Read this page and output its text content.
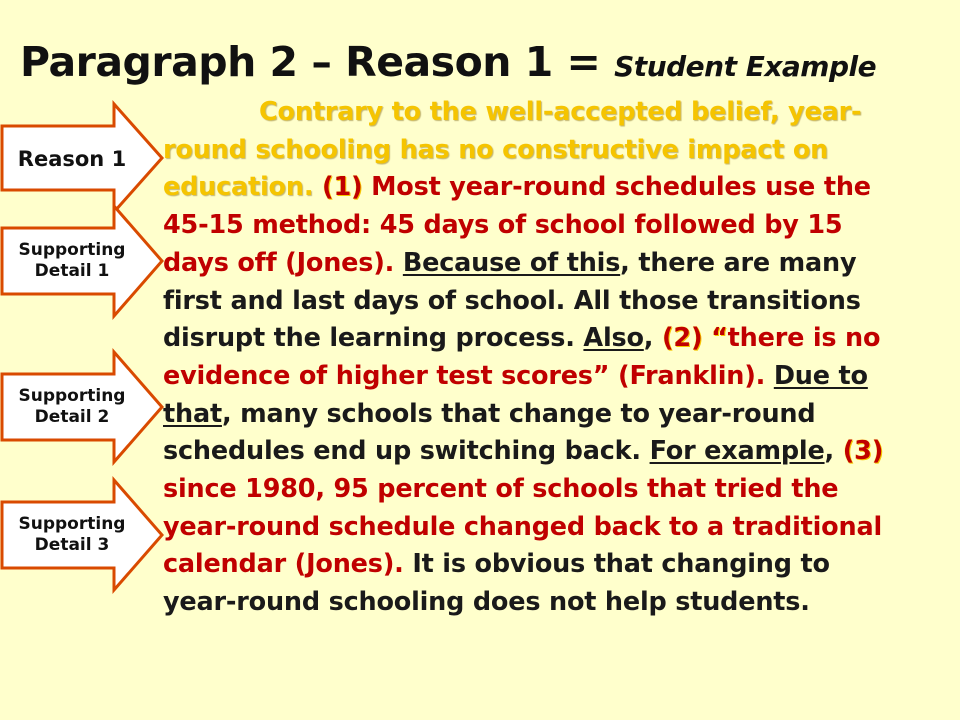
Paragraph 2 – Reason 1 = Student Example
Reason 1
Supporting
Detail 1
Supporting
Detail 2
Supporting
Detail 3
Contrary to the well-accepted belief, year-
round schooling has no constructive impact on
education. (1) Most year-round schedules use the
45-15 method: 45 days of school followed by 15
days off (Jones). Because of this, there are many
first and last days of school. All those transitions
disrupt the learning process. Also, (2) “there is no
evidence of higher test scores” (Franklin). Due to
that, many schools that change to year-round
schedules end up switching back. For example, (3)
since 1980, 95 percent of schools that tried the
year-round schedule changed back to a traditional
calendar (Jones). It is obvious that changing to
year-round schooling does not help students.
